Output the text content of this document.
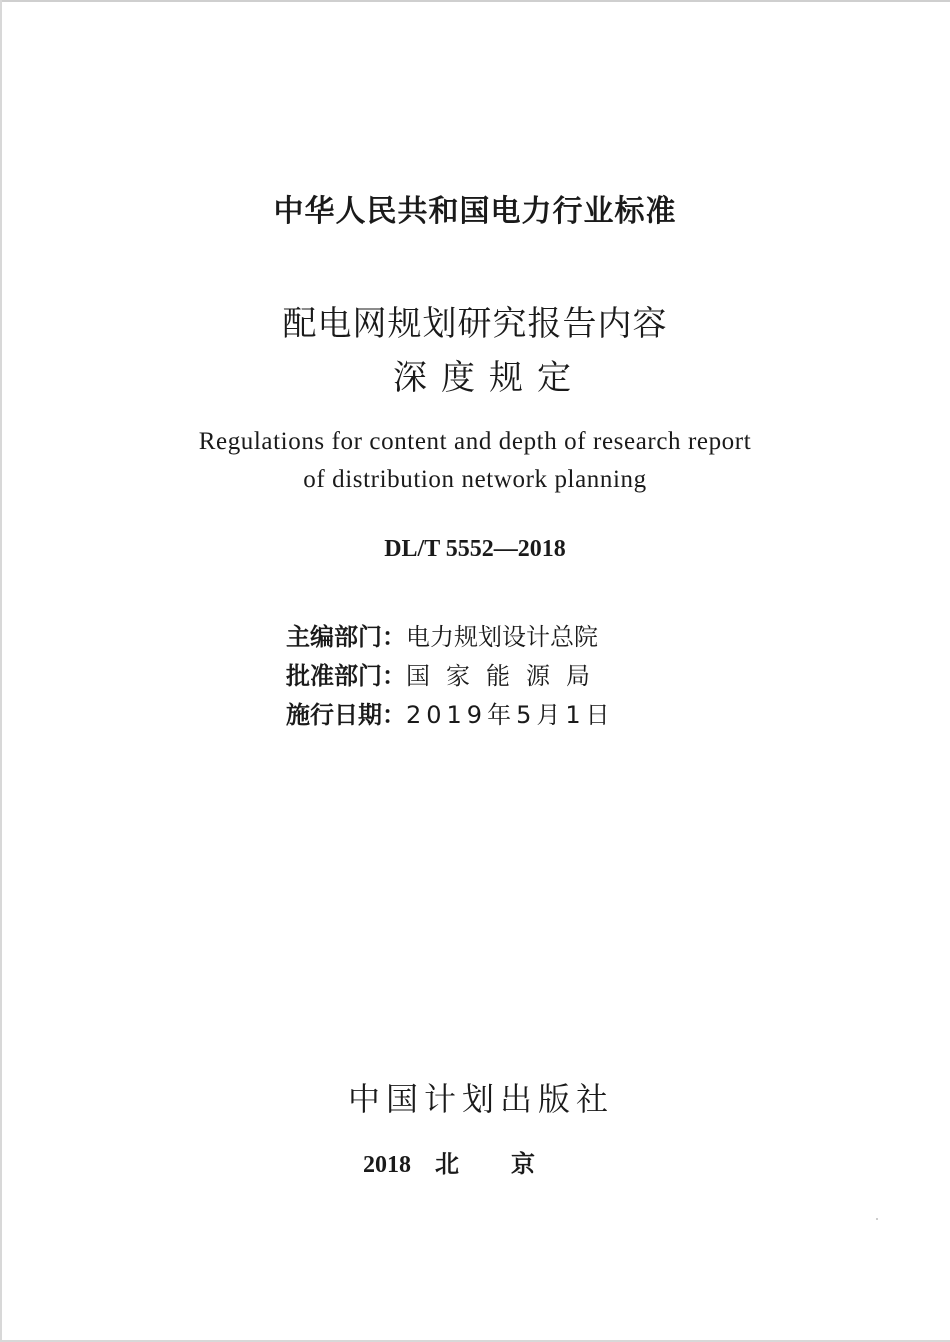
中华人民共和国电力行业标准
配电网规划研究报告内容
深度规定
Regulations for content and depth of research report
of distribution network planning
DL/T 5552—2018
主编部门：电力规划设计总院
批准部门：国家能源局
施行日期：2019年5月1日
中国计划出版社
2018 北京
